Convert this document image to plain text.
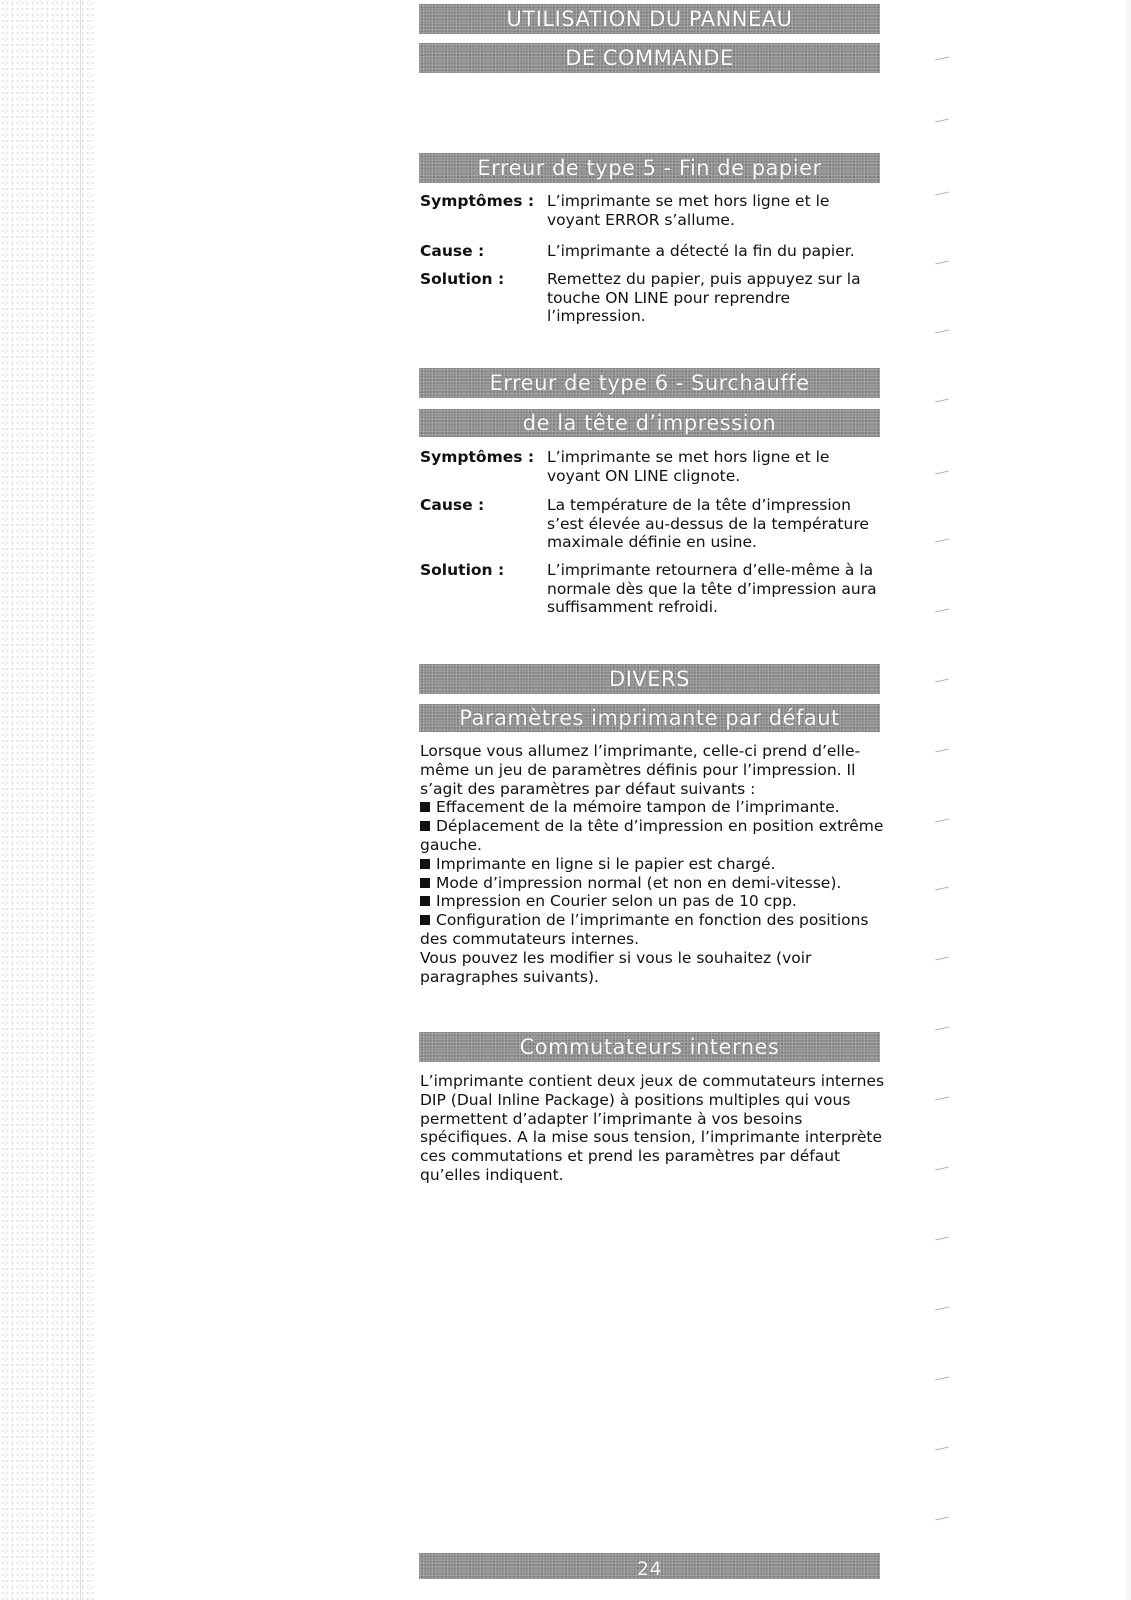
UTILISATION DU PANNEAU
DE COMMANDE
Erreur de type 5 - Fin de papier
Symptômes : L’imprimante se met hors ligne et le voyant ERROR s’allume.
Cause :	L’imprimante a détecté la fin du papier.
Solution :	Remettez du papier, puis appuyez sur la touche ON LINE pour reprendre l’impression.
Erreur de type 6 - Surchauffe
de la tête d’impression
Symptômes : L’imprimante se met hors ligne et le voyant ON LINE clignote.
Cause :	La température de la tête d’impression s’est élevée au-dessus de la température maximale définie en usine.
Solution :	L’imprimante retournera d’elle-même à la normale dès que la tête d’impression aura suffisamment refroidi.
DIVERS
Paramètres imprimante par défaut

Lorsque vous allumez l’imprimante, celle-ci prend d’elle-même un jeu de paramètres définis pour l’impression. Il s’agit des paramètres par défaut suivants :

Effacement de la mémoire tampon de l’imprimante.
Déplacement de la tête d’impression en position extrême gauche.
Imprimante en ligne si le papier est chargé.
Mode d’impression normal (et non en demi-vitesse).
Impression en Courier selon un pas de 10 cpp.
Configuration de l’imprimante en fonction des positions des commutateurs internes.

Vous pouvez les modifier si vous le souhaitez (voir paragraphes suivants).

Commutateurs internes

L’imprimante contient deux jeux de commutateurs internes DIP (Dual Inline Package) à positions multiples qui vous permettent d’adapter l’imprimante à vos besoins spécifiques. A la mise sous tension, l’imprimante interprète ces commutations et prend les paramètres par défaut qu’elles indiquent.

24
